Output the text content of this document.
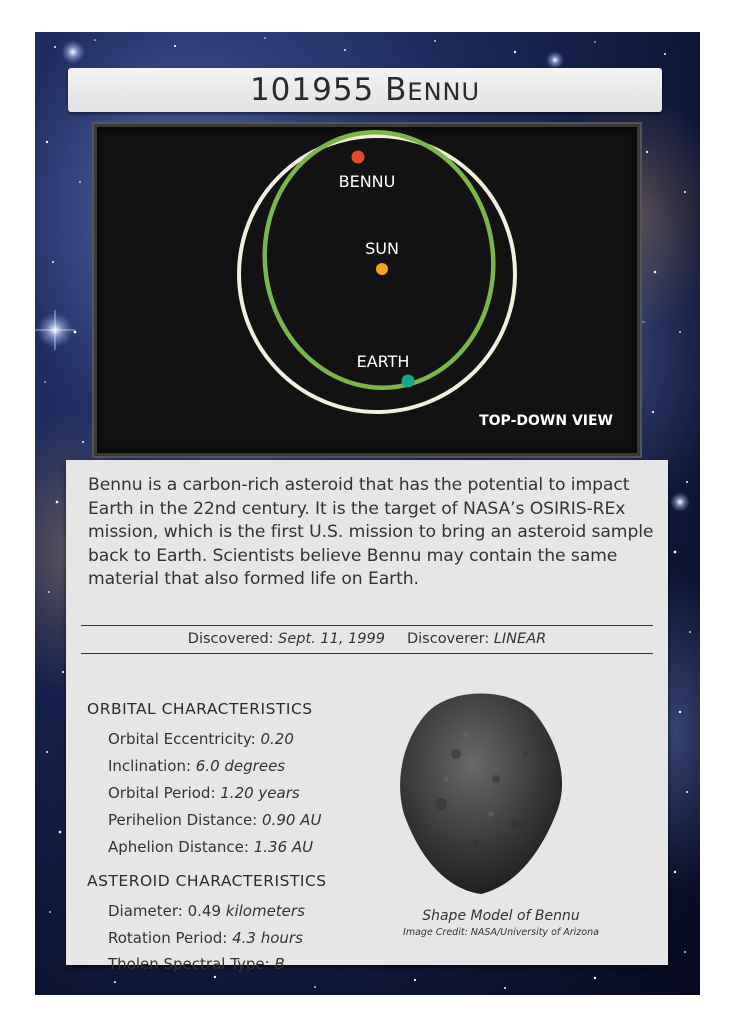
101955 BENNU
BENNU
SUN
EARTH
TOP-DOWN VIEW
Bennu is a carbon-rich asteroid that has the potential to impact Earth in the 22nd century. It is the target of NASA’s OSIRIS-REx mission, which is the first U.S. mission to bring an asteroid sample back to Earth. Scientists believe Bennu may contain the same material that also formed life on Earth.
Discovered: Sept. 11, 1999 Discoverer: LINEAR
ORBITAL CHARACTERISTICS
Orbital Eccentricity: 0.20
Inclination: 6.0 degrees
Orbital Period: 1.20 years
Perihelion Distance: 0.90 AU
Aphelion Distance: 1.36 AU
ASTEROID CHARACTERISTICS
Diameter: 0.49 kilometers
Rotation Period: 4.3 hours
Tholen Spectral Type: B
Shape Model of Bennu
Image Credit: NASA/University of Arizona
